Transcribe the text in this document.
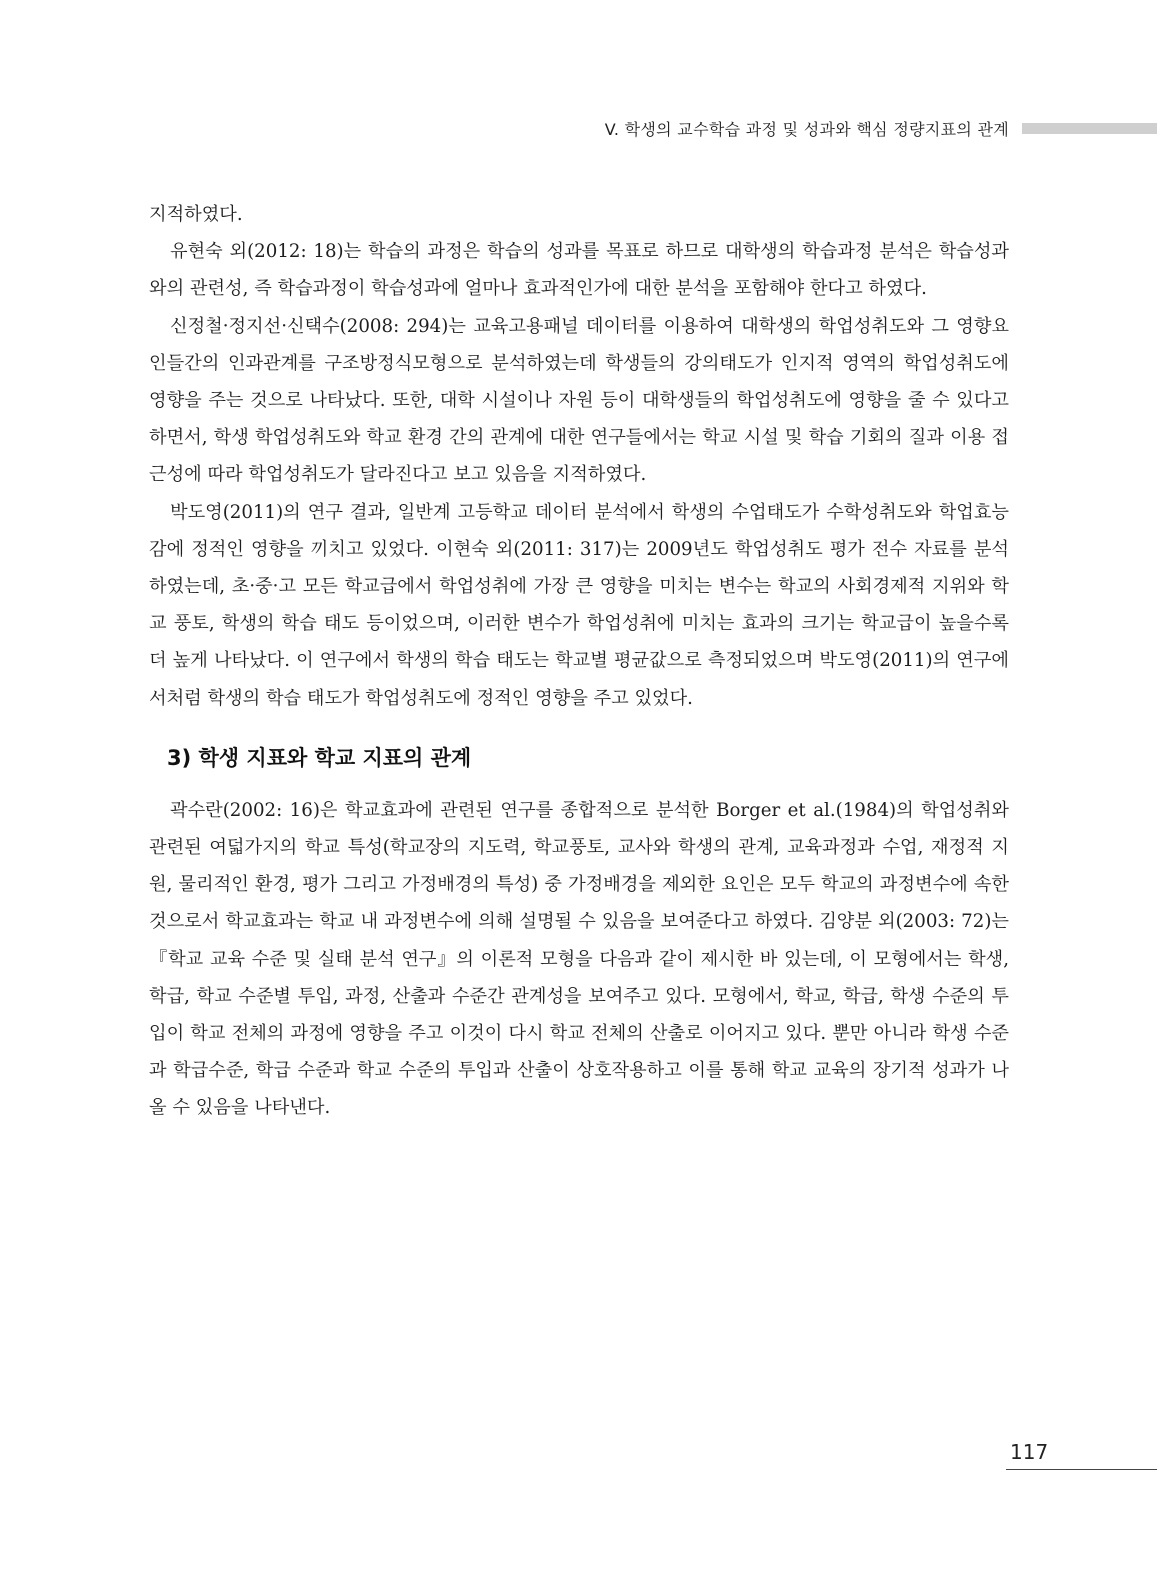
V. 학생의 교수학습 과정 및 성과와 핵심 정량지표의 관계

지적하였다.

유현숙 외(2012: 18)는 학습의 과정은 학습의 성과를 목표로 하므로 대학생의 학습과정 분석은 학습성과와의 관련성, 즉 학습과정이 학습성과에 얼마나 효과적인가에 대한 분석을 포함해야 한다고 하였다.

신정철·정지선·신택수(2008: 294)는 교육고용패널 데이터를 이용하여 대학생의 학업성취도와 그 영향요인들간의 인과관계를 구조방정식모형으로 분석하였는데 학생들의 강의태도가 인지적 영역의 학업성취도에 영향을 주는 것으로 나타났다. 또한, 대학 시설이나 자원 등이 대학생들의 학업성취도에 영향을 줄 수 있다고 하면서, 학생 학업성취도와 학교 환경 간의 관계에 대한 연구들에서는 학교 시설 및 학습 기회의 질과 이용 접근성에 따라 학업성취도가 달라진다고 보고 있음을 지적하였다.

박도영(2011)의 연구 결과, 일반계 고등학교 데이터 분석에서 학생의 수업태도가 수학성취도와 학업효능감에 정적인 영향을 끼치고 있었다. 이현숙 외(2011: 317)는 2009년도 학업성취도 평가 전수 자료를 분석하였는데, 초·중·고 모든 학교급에서 학업성취에 가장 큰 영향을 미치는 변수는 학교의 사회경제적 지위와 학교 풍토, 학생의 학습 태도 등이었으며, 이러한 변수가 학업성취에 미치는 효과의 크기는 학교급이 높을수록 더 높게 나타났다. 이 연구에서 학생의 학습 태도는 학교별 평균값으로 측정되었으며 박도영(2011)의 연구에서처럼 학생의 학습 태도가 학업성취도에 정적인 영향을 주고 있었다.

3) 학생 지표와 학교 지표의 관계

곽수란(2002: 16)은 학교효과에 관련된 연구를 종합적으로 분석한 Borger et al.(1984)의 학업성취와 관련된 여덟가지의 학교 특성(학교장의 지도력, 학교풍토, 교사와 학생의 관계, 교육과정과 수업, 재정적 지원, 물리적인 환경, 평가 그리고 가정배경의 특성) 중 가정배경을 제외한 요인은 모두 학교의 과정변수에 속한 것으로서 학교효과는 학교 내 과정변수에 의해 설명될 수 있음을 보여준다고 하였다. 김양분 외(2003: 72)는 『학교 교육 수준 및 실태 분석 연구』의 이론적 모형을 다음과 같이 제시한 바 있는데, 이 모형에서는 학생, 학급, 학교 수준별 투입, 과정, 산출과 수준간 관계성을 보여주고 있다. 모형에서, 학교, 학급, 학생 수준의 투입이 학교 전체의 과정에 영향을 주고 이것이 다시 학교 전체의 산출로 이어지고 있다. 뿐만 아니라 학생 수준과 학급수준, 학급 수준과 학교 수준의 투입과 산출이 상호작용하고 이를 통해 학교 교육의 장기적 성과가 나올 수 있음을 나타낸다.

117
